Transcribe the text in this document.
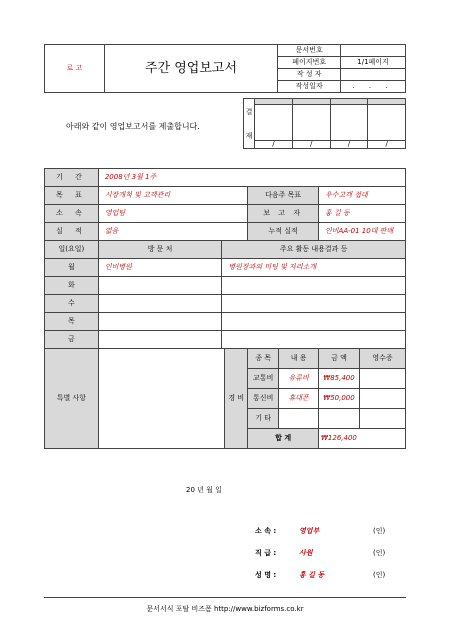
로 고	주간 영업보고서	문서번호	
		페이지번호	1/1페이지
		작 성 자	
		작성일자	. . .
아래와 같이 영업보고서를 제출합니다.
결

재				

	/	/	/	/
기 간	2008년 3월 1주						
목 표	시장개척 및 고객관리			다음주 목표		우수고객 접대	
소 속	영업팀			보 고 자		홍 길 동	
실 적	없음			누적 실적		인비AA-01 10대 판매	
일(요일)	방 문 처	주요 활동 내용결과 등					
월	인비병원	병원장과의 미팅 및 자리소개					
화							
수							
목							
금							
특별 사항			경 비	종 목	내 용	금 액	영수증
				교통비	유류비	₩85,400	
				통신비	휴대폰	₩50,000	
				기 타			
				합 계		₩126,400	
20 년 월 일
소 속 :	영업부	(인)
직 급 :	사원	(인)
성 명 :	홍 길 동	(인)
문서서식 포탈 비즈폼 http://www.bizforms.co.kr
